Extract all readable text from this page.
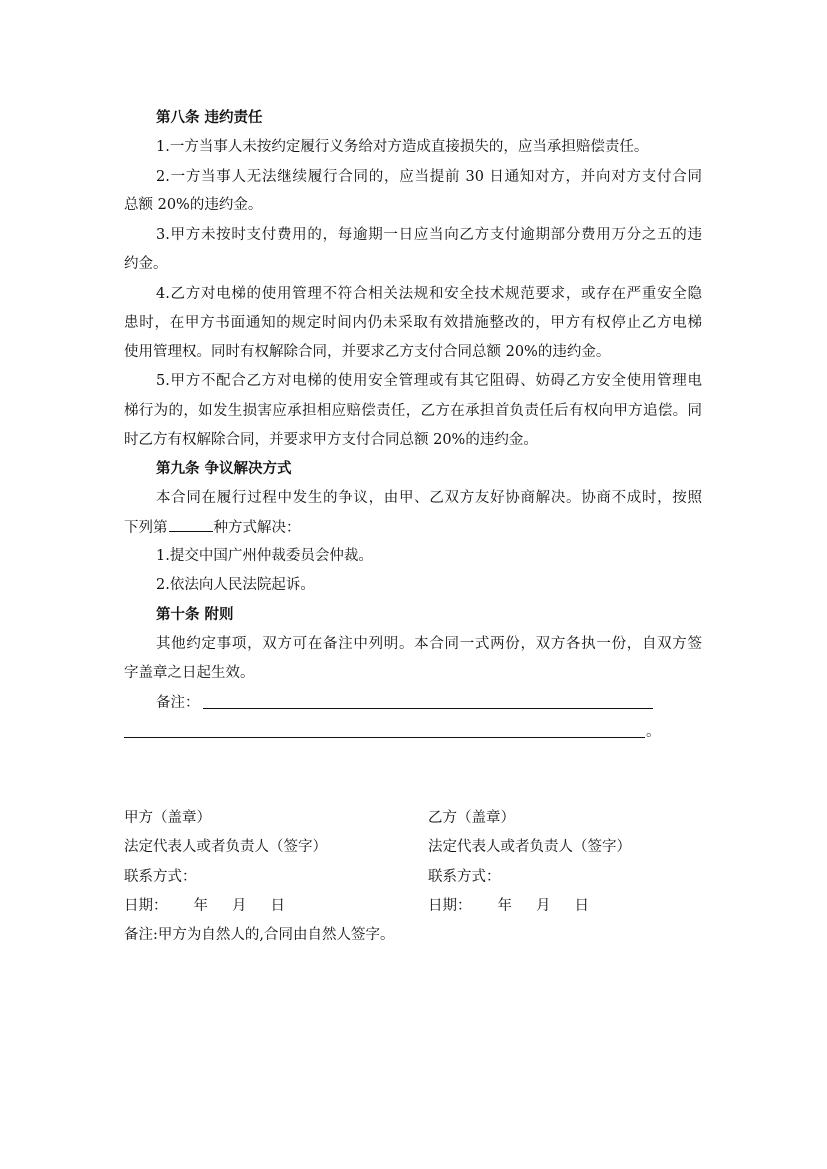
第八条 违约责任
1.一方当事人未按约定履行义务给对方造成直接损失的，应当承担赔偿责任。
2.一方当事人无法继续履行合同的，应当提前 30 日通知对方，并向对方支付合同
总额 20%的违约金。
3.甲方未按时支付费用的，每逾期一日应当向乙方支付逾期部分费用万分之五的违
约金。
4.乙方对电梯的使用管理不符合相关法规和安全技术规范要求，或存在严重安全隐
患时，在甲方书面通知的规定时间内仍未采取有效措施整改的，甲方有权停止乙方电梯
使用管理权。同时有权解除合同，并要求乙方支付合同总额 20%的违约金。
5.甲方不配合乙方对电梯的使用安全管理或有其它阻碍、妨碍乙方安全使用管理电
梯行为的，如发生损害应承担相应赔偿责任，乙方在承担首负责任后有权向甲方追偿。同
时乙方有权解除合同，并要求甲方支付合同总额 20%的违约金。
第九条 争议解决方式
本合同在履行过程中发生的争议，由甲、乙双方友好协商解决。协商不成时，按照
下列第	种方式解决：
1.提交中国广州仲裁委员会仲裁。
2.依法向人民法院起诉。
第十条 附则
其他约定事项，双方可在备注中列明。本合同一式两份，双方各执一份，自双方签
字盖章之日起生效。
备注：
。
甲方（盖章）
法定代表人或者负责人（签字）
联系方式：
日期： 年 月 日
乙方（盖章）
法定代表人或者负责人（签字）
联系方式：
日期： 年 月 日
备注:甲方为自然人的,合同由自然人签字。
